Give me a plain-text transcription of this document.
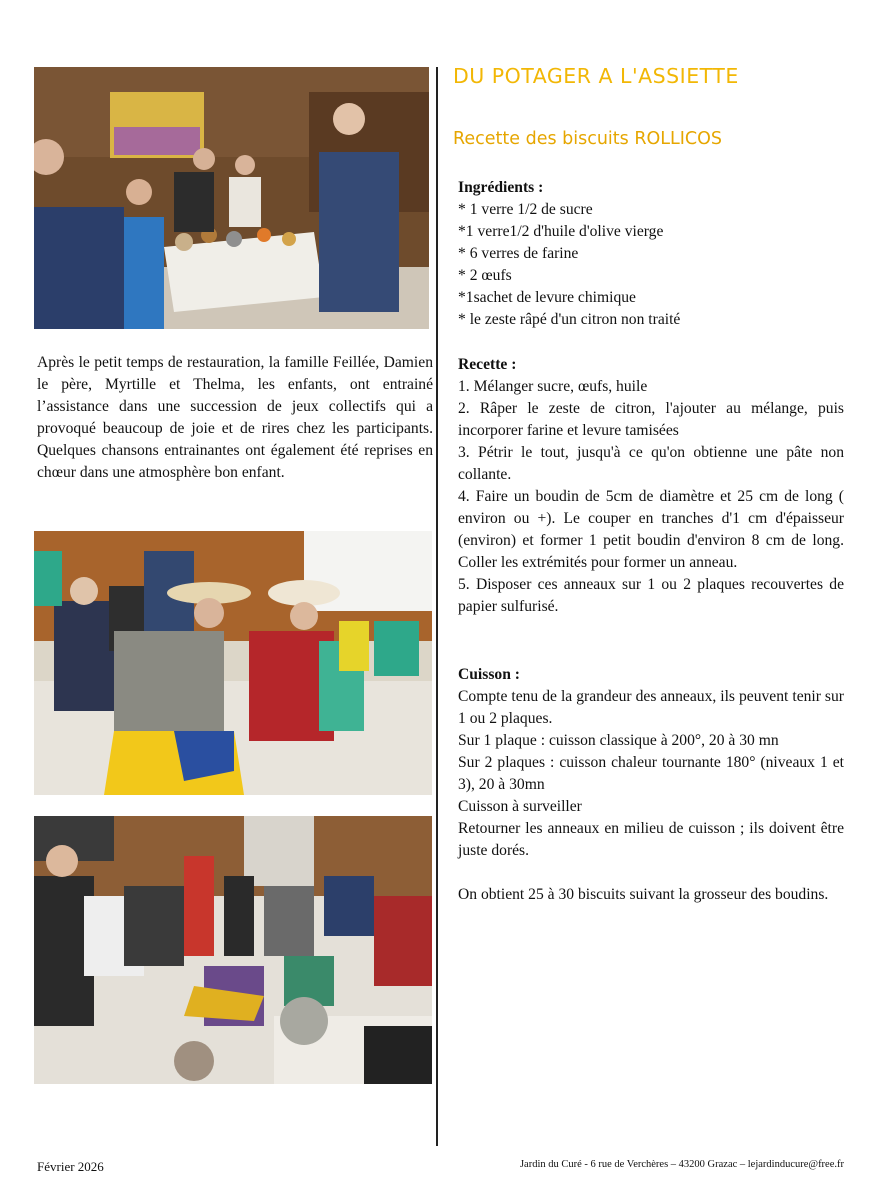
Après le petit temps de restauration, la famille Feillée, Damien le père, Myrtille et Thelma, les enfants, ont entrainé l’assistance dans une succession de jeux collectifs qui a provoqué beaucoup de joie et de rires chez les participants. Quelques chansons entrainantes ont également été reprises en chœur dans une atmosphère bon enfant.
DU POTAGER A L'ASSIETTE
Recette des biscuits ROLLICOS
Ingrédients :

* 1 verre 1/2 de sucre

*1 verre1/2 d'huile d'olive vierge

* 6 verres de farine

* 2 œufs

*1sachet de levure chimique

* le zeste râpé d'un citron non traité

Recette :

1. Mélanger sucre, œufs, huile

2. Râper le zeste de citron, l'ajouter au mélange, puis incorporer farine et levure tamisées

3. Pétrir le tout, jusqu'à ce qu'on obtienne une pâte non collante.

4. Faire un boudin de 5cm de diamètre et 25 cm de long ( environ ou +). Le couper en tranches d'1 cm d'épaisseur (environ) et former 1 petit boudin d'environ 8 cm de long. Coller les extrémités pour former un anneau.

5. Disposer ces anneaux sur 1 ou 2 plaques recouvertes de papier sulfurisé.

Cuisson :

Compte tenu de la grandeur des anneaux, ils peuvent tenir sur 1 ou 2 plaques.

Sur 1 plaque : cuisson classique à 200°, 20 à 30 mn

Sur 2 plaques : cuisson chaleur tournante 180° (niveaux 1 et 3), 20 à 30mn

Cuisson à surveiller

Retourner les anneaux en milieu de cuisson ; ils doivent être juste dorés.

On obtient 25 à 30 biscuits suivant la grosseur des boudins.
Février 2026	Jardin du Curé - 6 rue de Verchères – 43200 Grazac – lejardinducure@free.fr
